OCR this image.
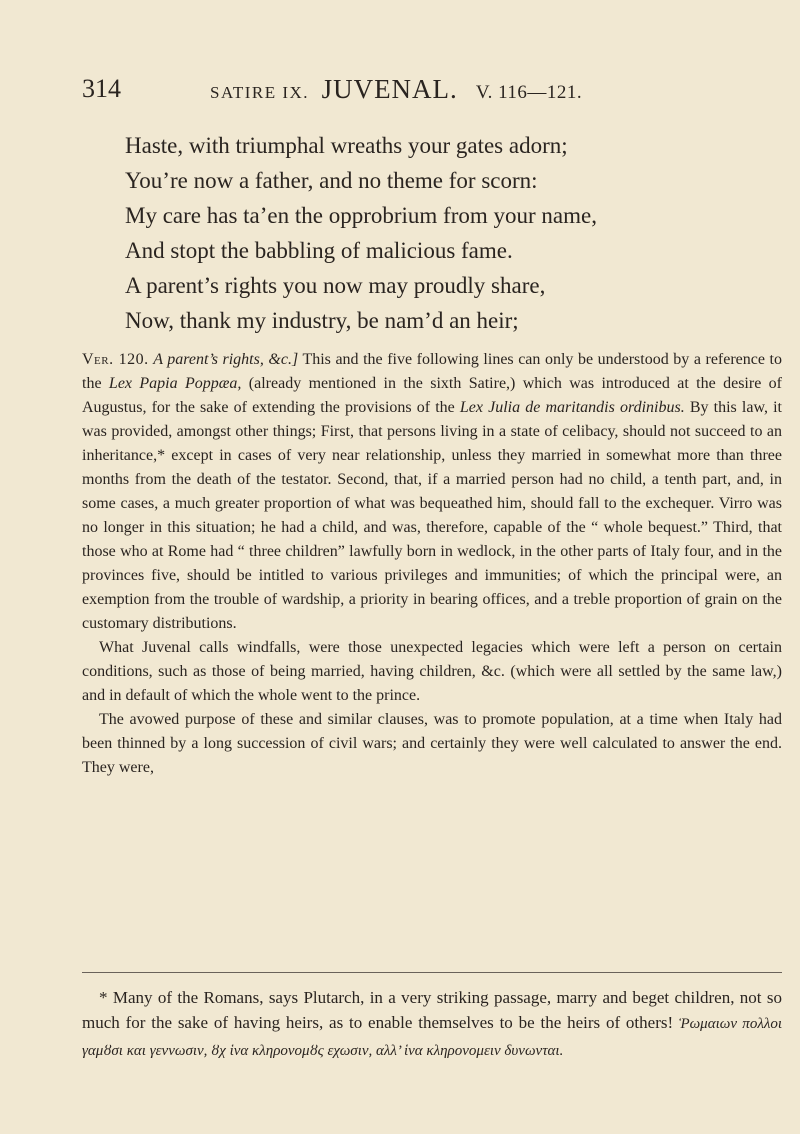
314	SATIRE IX. JUVENAL. V. 116—121.
Haste, with triumphal wreaths your gates adorn;
You’re now a father, and no theme for scorn:
My care has ta’en the opprobrium from your name,
And stopt the babbling of malicious fame.
A parent’s rights you now may proudly share,
Now, thank my industry, be nam’d an heir;

Ver. 120. A parent’s rights, &c.] This and the five following lines can only be understood by a reference to the Lex Papia Poppæa, (already mentioned in the sixth Satire,) which was introduced at the desire of Augustus, for the sake of extending the provisions of the Lex Julia de maritandis ordinibus. By this law, it was provided, amongst other things; First, that persons living in a state of celibacy, should not succeed to an inheritance,* except in cases of very near relationship, unless they married in somewhat more than three months from the death of the testator. Second, that, if a married person had no child, a tenth part, and, in some cases, a much greater proportion of what was bequeathed him, should fall to the exchequer. Virro was no longer in this situation; he had a child, and was, therefore, capable of the “ whole bequest.” Third, that those who at Rome had “ three children” lawfully born in wedlock, in the other parts of Italy four, and in the provinces five, should be intitled to various privileges and immunities; of which the principal were, an exemption from the trouble of wardship, a priority in bearing offices, and a treble proportion of grain on the customary distributions.

What Juvenal calls windfalls, were those unexpected legacies which were left a person on certain conditions, such as those of being married, having children, &c. (which were all settled by the same law,) and in default of which the whole went to the prince.

The avowed purpose of these and similar clauses, was to promote population, at a time when Italy had been thinned by a long succession of civil wars; and certainly they were well calculated to answer the end. They were,

* Many of the Romans, says Plutarch, in a very striking passage, marry and beget children, not so much for the sake of having heirs, as to enable themselves to be the heirs of others! Ῥωμαιων πολλοι γαμȣσι και γεννωσιν, ȣχ ἱνα κληρονομȣς εχωσιν, αλλ’ ἱνα κληρονομειν δυνωνται.
